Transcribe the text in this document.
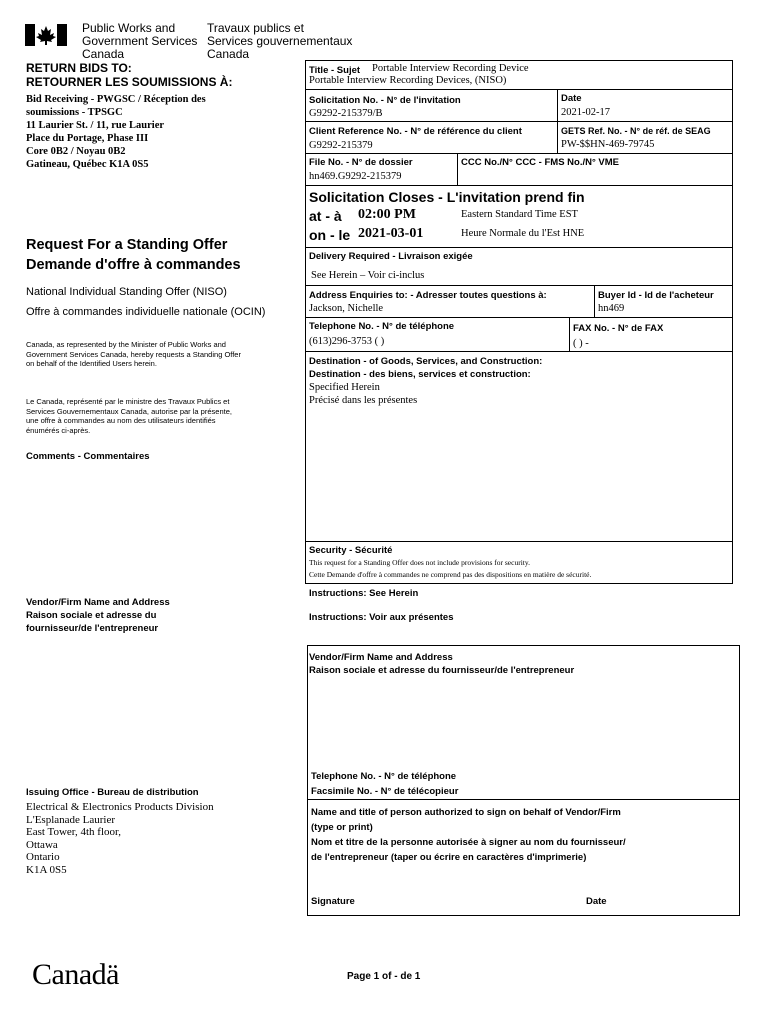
Public Works and
Government Services
Canada
Travaux publics et
Services gouvernementaux
Canada
RETURN BIDS TO:
RETOURNER LES SOUMISSIONS À:
Bid Receiving - PWGSC / Réception des
soumissions - TPSGC
11 Laurier St. / 11, rue Laurier
Place du Portage, Phase III
Core 0B2 / Noyau 0B2
Gatineau, Québec K1A 0S5
Request For a Standing Offer
Demande d'offre à commandes
National Individual Standing Offer (NISO)
Offre à commandes individuelle nationale (OCIN)
Canada, as represented by the Minister of Public Works and
Government Services Canada, hereby requests a Standing Offer
on behalf of the Identified Users herein.
Le Canada, représenté par le ministre des Travaux Publics et
Services Gouvernementaux Canada, autorise par la présente,
une offre à commandes au nom des utilisateurs identifiés
énumérés ci-après.
Comments - Commentaires
Vendor/Firm Name and Address
Raison sociale et adresse du
fournisseur/de l'entrepreneur
Issuing Office - Bureau de distribution
Electrical & Electronics Products Division
L'Esplanade Laurier
East Tower, 4th floor,
Ottawa
Ontario
K1A 0S5
Title - Sujet Portable Interview Recording Device
Portable Interview Recording Devices, (NISO)
Solicitation No. - N° de l'invitation
G9292-215379/B
Date
2021-02-17
Client Reference No. - N° de référence du client
G9292-215379
GETS Ref. No. - N° de réf. de SEAG
PW-$$HN-469-79745
File No. - N° de dossier
hn469.G9292-215379
CCC No./N° CCC - FMS No./N° VME
Solicitation Closes - L'invitation prend fin
at - à 02:00 PM	Eastern Standard Time EST
on - le 2021-03-01	Heure Normale du l'Est HNE
Delivery Required - Livraison exigée
See Herein – Voir ci-inclus
Address Enquiries to: - Adresser toutes questions à:
Jackson, Nichelle
Buyer Id - Id de l'acheteur
hn469
Telephone No. - N° de téléphone
(613)296-3753 ( )
FAX No. - N° de FAX
( ) -
Destination - of Goods, Services, and Construction:
Destination - des biens, services et construction:
Specified Herein
Précisé dans les présentes
Security - Sécurité
This request for a Standing Offer does not include provisions for security.
Cette Demande d'offre à commandes ne comprend pas des dispositions en matière de sécurité.
Instructions: See Herein
Instructions: Voir aux présentes
Vendor/Firm Name and Address
Raison sociale et adresse du fournisseur/de l'entrepreneur
Telephone No. - N° de téléphone
Facsimile No. - N° de télécopieur
Name and title of person authorized to sign on behalf of Vendor/Firm
(type or print)
Nom et titre de la personne autorisée à signer au nom du fournisseur/
de l'entrepreneur (taper ou écrire en caractères d'imprimerie)
Signature	Date
Canadä	Page 1 of - de 1
